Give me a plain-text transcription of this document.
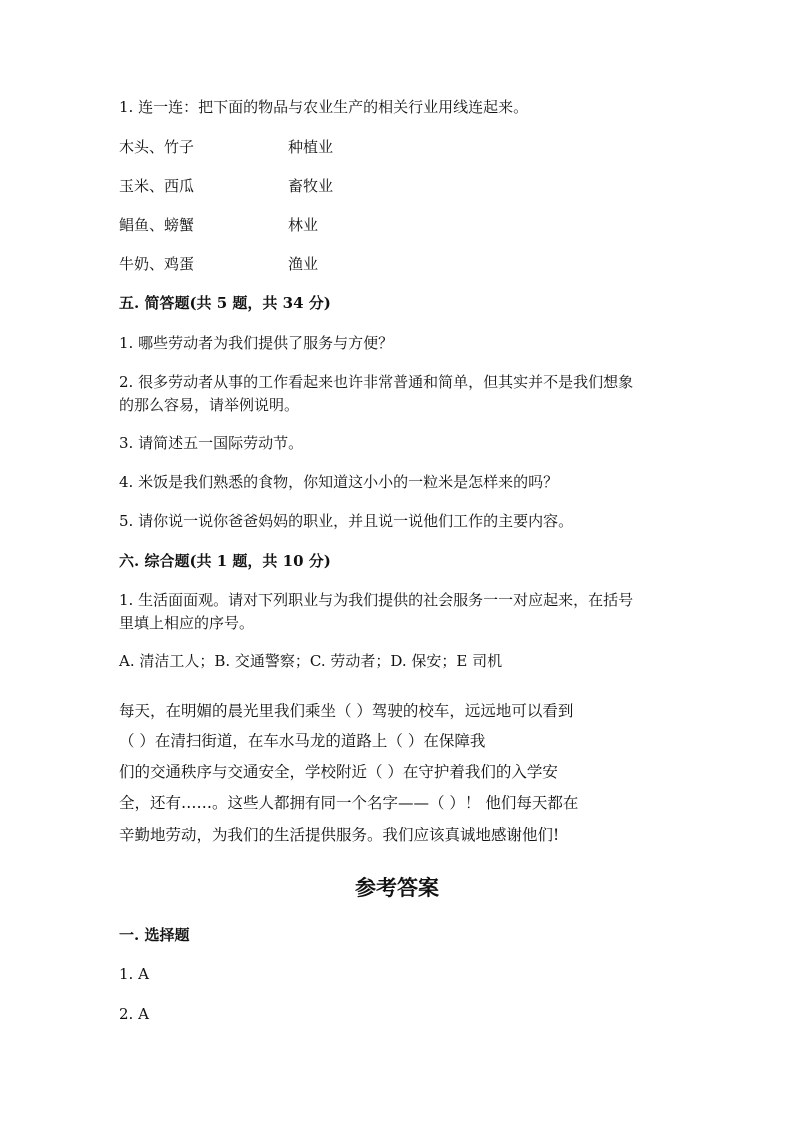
1. 连一连：把下面的物品与农业生产的相关行业用线连起来。
木头、竹子	种植业
玉米、西瓜	畜牧业
鲳鱼、螃蟹	林业
牛奶、鸡蛋	渔业
五. 简答题(共 5 题，共 34 分)
1. 哪些劳动者为我们提供了服务与方便？
2. 很多劳动者从事的工作看起来也许非常普通和简单，但其实并不是我们想象
的那么容易，请举例说明。
3. 请简述五一国际劳动节。
4. 米饭是我们熟悉的食物，你知道这小小的一粒米是怎样来的吗？
5. 请你说一说你爸爸妈妈的职业，并且说一说他们工作的主要内容。
六. 综合题(共 1 题，共 10 分)
1. 生活面面观。请对下列职业与为我们提供的社会服务一一对应起来，在括号
里填上相应的序号。
A. 清洁工人；B. 交通警察；C. 劳动者；D. 保安；E 司机
每天，在明媚的晨光里我们乘坐（ ）驾驶的校车，远远地可以看到
（ ）在清扫街道，在车水马龙的道路上（ ）在保障我
们的交通秩序与交通安全，学校附近（ ）在守护着我们的入学安
全，还有……。这些人都拥有同一个名字——（ ）！ 他们每天都在
辛勤地劳动，为我们的生活提供服务。我们应该真诚地感谢他们!
参考答案
一. 选择题
1. A
2. A
